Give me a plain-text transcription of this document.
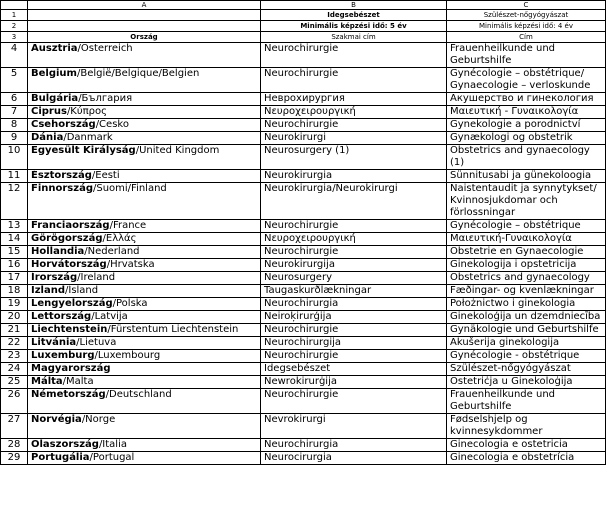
	A	B	C
1		Idegsebészet	Szülészet-nőgyógyászat
2		Minimális képzési idő: 5 év	Minimális képzési idő: 4 év
3	Ország	Szakmai cím	Cím
4	Ausztria/Österreich	Neurochirurgie	Frauenheilkunde und Geburtshilfe
5	Belgium/België/Belgique/Belgien	Neurochirurgie	Gynécologie – obstétrique/ Gynaecologie – verloskunde
6	Bulgária/България	Неврохирургия	Акушерство и гинекология
7	Ciprus/Κύπρος	Νευροχειρουργική	Μαιευτική - Γυναικολογία
8	Csehország/Česko	Neurochirurgie	Gynekologie a porodnictví
9	Dánia/Danmark	Neurokirurgi	Gynækologi og obstetrik
10	Egyesült Királyság/United Kingdom	Neurosurgery (1)	Obstetrics and gynaecology (1)
11	Észtország/Eesti	Neurokirurgia	Sünnitusabi ja günekoloogia
12	Finnország/Suomi/Finland	Neurokirurgia/Neurokirurgi	Naistentaudit ja synnytykset/ Kvinnosjukdomar och förlossningar
13	Franciaország/France	Neurochirurgie	Gynécologie – obstétrique
14	Görögország/Ελλάς	Νευροχειρουργική	Μαιευτική-Γυναικολογία
15	Hollandia/Nederland	Neurochirurgie	Obstetrie en Gynaecologie
16	Horvátország/Hrvatska	Neurokirurgija	Ginekologija i opstetricija
17	Írország/Ireland	Neurosurgery	Obstetrics and gynaecology
18	Izland/Ísland	Taugaskurðlækningar	Fæðingar- og kvenlækningar
19	Lengyelország/Polska	Neurochirurgia	Położnictwo i ginekologia
20	Lettország/Latvija	Neiroķirurģija	Ginekoloģija un dzemdniecība
21	Liechtenstein/Fürstentum Liechtenstein	Neurochirurgie	Gynäkologie und Geburtshilfe
22	Litvánia/Lietuva	Neurochirurgija	Akušerija ginekologija
23	Luxemburg/Luxembourg	Neurochirurgie	Gynécologie - obstétrique
24	Magyarország	Idegsebészet	Szülészet-nőgyógyászat
25	Málta/Malta	Newrokirurġija	Ostetriċja u Ġinekoloġija
26	Németország/Deutschland	Neurochirurgie	Frauenheilkunde und Geburtshilfe
27	Norvégia/Norge	Nevrokirurgi	Fødselshjelp og kvinnesykdommer
28	Olaszország/Italia	Neurochirurgia	Ginecologia e ostetricia
29	Portugália/Portugal	Neurocirurgia	Ginecologia e obstetrícia
